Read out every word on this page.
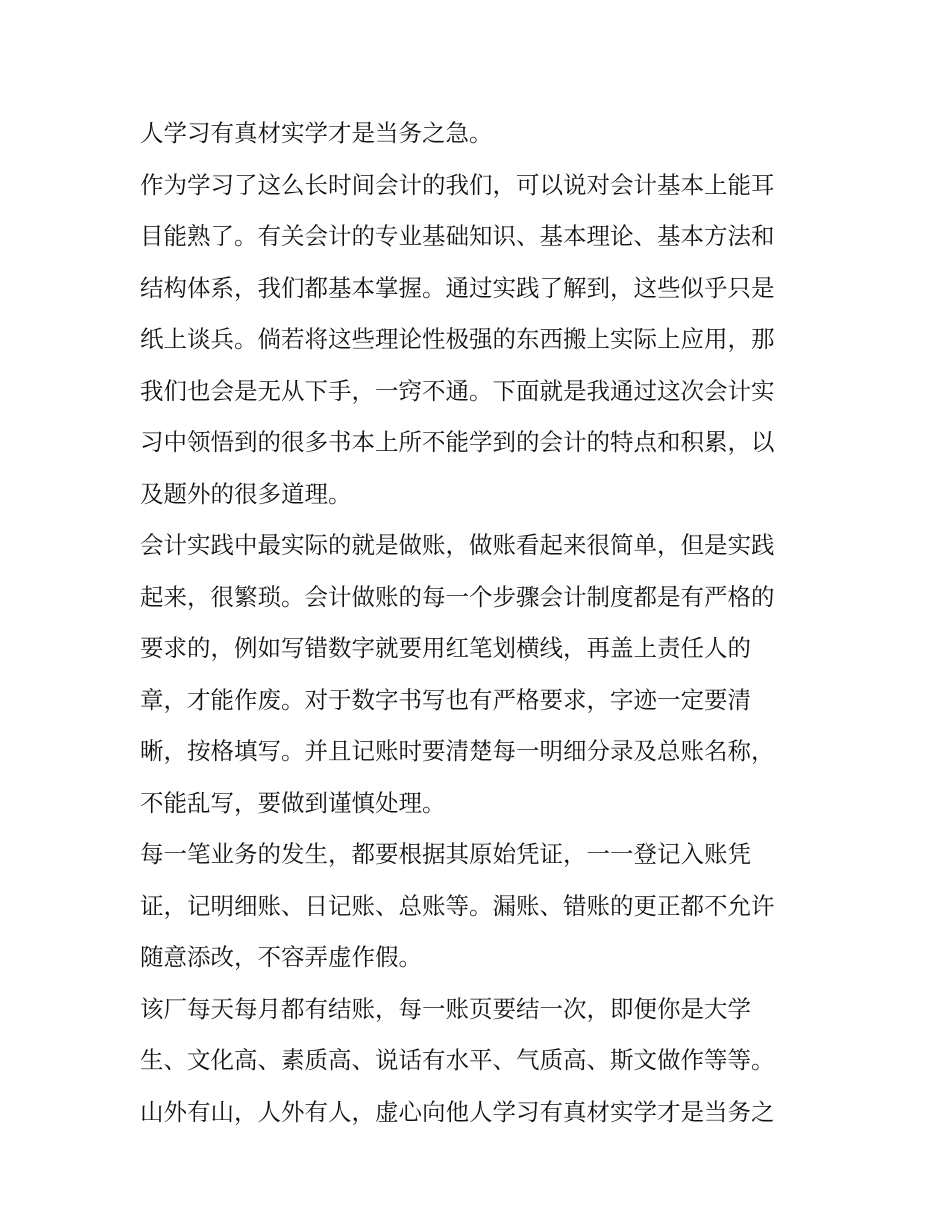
人学习有真材实学才是当务之急。
作为学习了这么长时间会计的我们，可以说对会计基本上能耳
目能熟了。有关会计的专业基础知识、基本理论、基本方法和
结构体系，我们都基本掌握。通过实践了解到，这些似乎只是
纸上谈兵。倘若将这些理论性极强的东西搬上实际上应用，那
我们也会是无从下手，一窍不通。下面就是我通过这次会计实
习中领悟到的很多书本上所不能学到的会计的特点和积累，以
及题外的很多道理。
会计实践中最实际的就是做账，做账看起来很简单，但是实践
起来，很繁琐。会计做账的每一个步骤会计制度都是有严格的
要求的，例如写错数字就要用红笔划横线，再盖上责任人的
章，才能作废。对于数字书写也有严格要求，字迹一定要清
晰，按格填写。并且记账时要清楚每一明细分录及总账名称，
不能乱写，要做到谨慎处理。
每一笔业务的发生，都要根据其原始凭证，一一登记入账凭
证，记明细账、日记账、总账等。漏账、错账的更正都不允许
随意添改，不容弄虚作假。
该厂每天每月都有结账，每一账页要结一次，即便你是大学
生、文化高、素质高、说话有水平、气质高、斯文做作等等。
山外有山，人外有人，虚心向他人学习有真材实学才是当务之
